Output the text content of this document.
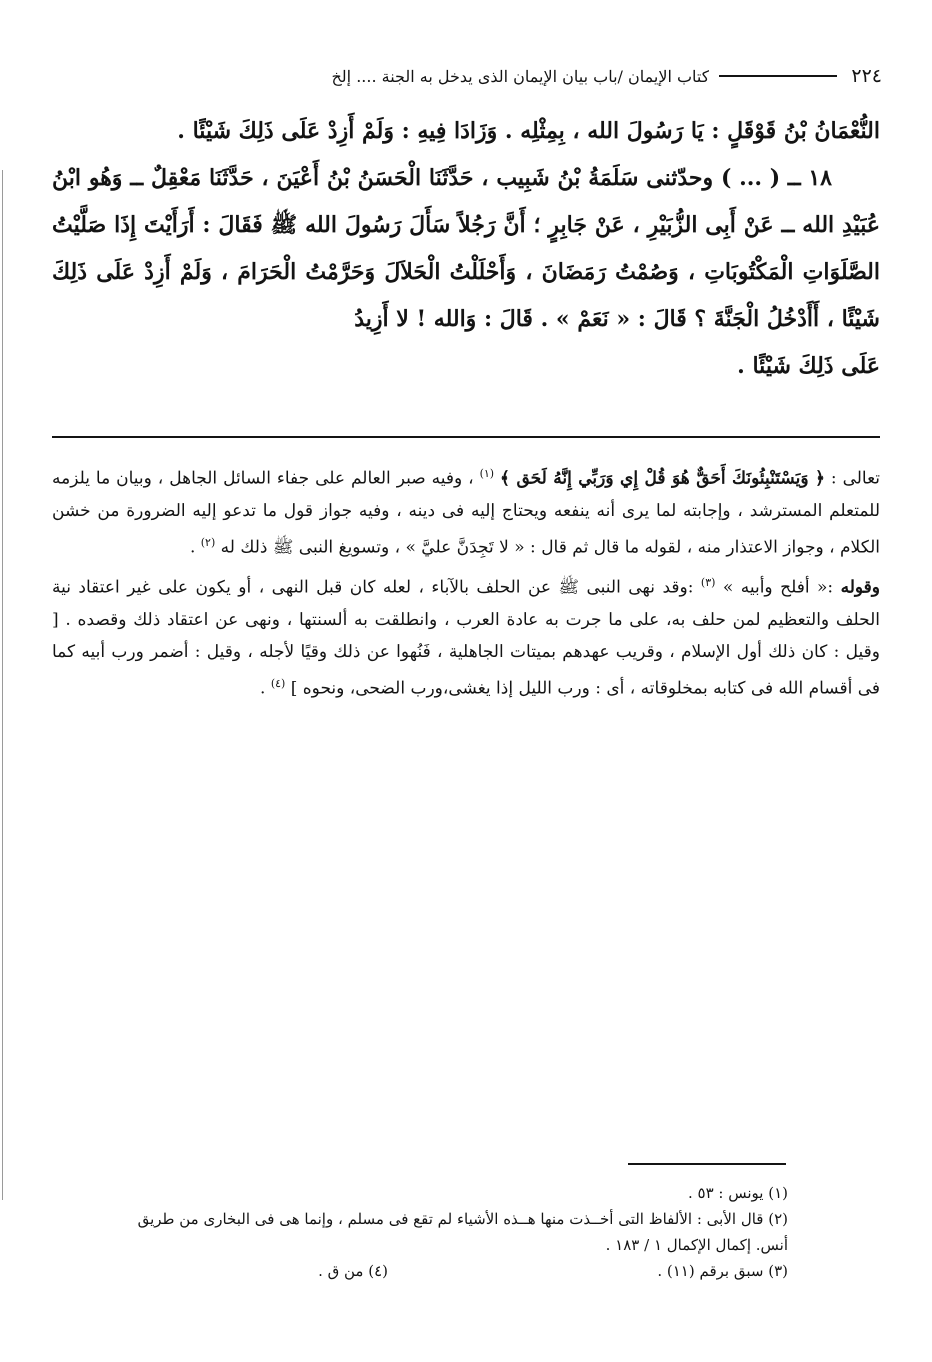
٢٢٤
كتاب الإيمان /باب بيان الإيمان الذى يدخل به الجنة .... إلخ

النُّعْمَانُ بْنُ قَوْقَلٍ : يَا رَسُولَ الله ، بِمِثْلِه . وَزَادَا فِيهِ : وَلَمْ أَزِدْ عَلَى ذَلِكَ شَيْئًا .

١٨ ــ ( ... ) وحدّثنى سَلَمَةُ بْنُ شَبِيب ، حَدَّثَنَا الْحَسَنُ بْنُ أَعْيَنَ ، حَدَّثَنَا مَعْقِلٌ ــ وَهُو ابْنُ عُبَيْدِ الله ــ عَنْ أَبِى الزُّبَيْرِ ، عَنْ جَابِرٍ ؛ أَنَّ رَجُلاً سَأَلَ رَسُولَ الله ﷺ فَقَالَ : أَرَأَيْتَ إِذَا صَلَّيْتُ الصَّلَوَاتِ الْمَكْتُوبَاتِ ، وَصُمْتُ رَمَضَانَ ، وَأَحْلَلْتُ الْحَلاَلَ وَحَرَّمْتُ الْحَرَامَ ، وَلَمْ أَزِدْ عَلَى ذَلِكَ شَيْئًا ، أَأَدْخُلُ الْجَنَّةَ ؟ قَالَ : « نَعَمْ » . قَالَ : وَالله ! لا أَزِيدُ

عَلَى ذَلِكَ شَيْئًا .

تعالى : ﴿ وَيَسْتَنْبِئُونَكَ أَحَقٌّ هُوَ قُلْ إِي وَرَبِّي إِنَّهُ لَحَق ﴾ $^{(١)}$ ، وفيه صبر العالم على جفاء السائل الجاهل ، وبيان ما يلزمه للمتعلم المسترشد ، وإجابته لما يرى أنه ينفعه ويحتاج إليه فى دينه ، وفيه جواز قول ما تدعو إليه الضرورة من خشن الكلام ، وجواز الاعتذار منه ، لقوله ما قال ثم قال : « لا تَجِدَنَّ عليَّ » ، وتسويغ النبى ﷺ ذلك له $^{(٢)}$ .

وقوله :« أفلح وأبيه » $^{(٣)}$ :وقد نهى النبى ﷺ عن الحلف بالآباء ، لعله كان قبل النهى ، أو يكون على غير اعتقاد نية الحلف والتعظيم لمن حلف به، على ما جرت به عادة العرب ، وانطلقت به ألسنتها ، ونهى عن اعتقاد ذلك وقصده . [ وقيل : كان ذلك أول الإسلام ، وقريب عهدهم بميتات الجاهلية ، فَنُهوا عن ذلك وقيًا لأجله ، وقيل : أضمر ورب أبيه كما فى أقسام الله فى كتابه بمخلوقاته ، أى : ورب الليل إذا يغشى،ورب الضحى، ونحوه ] $^{(٤)}$ .

(١) يونس : ٥٣ .
(٢) قال الأبى : الألفاظ التى أخــذت منها هــذه الأشياء لم تقع فى مسلم ، وإنما هى فى البخارى من طريق
أنس. إكمال الإكمال ١ / ١٨٣ .
(٣) سبق برقم (١١) .
(٤) من ق .
